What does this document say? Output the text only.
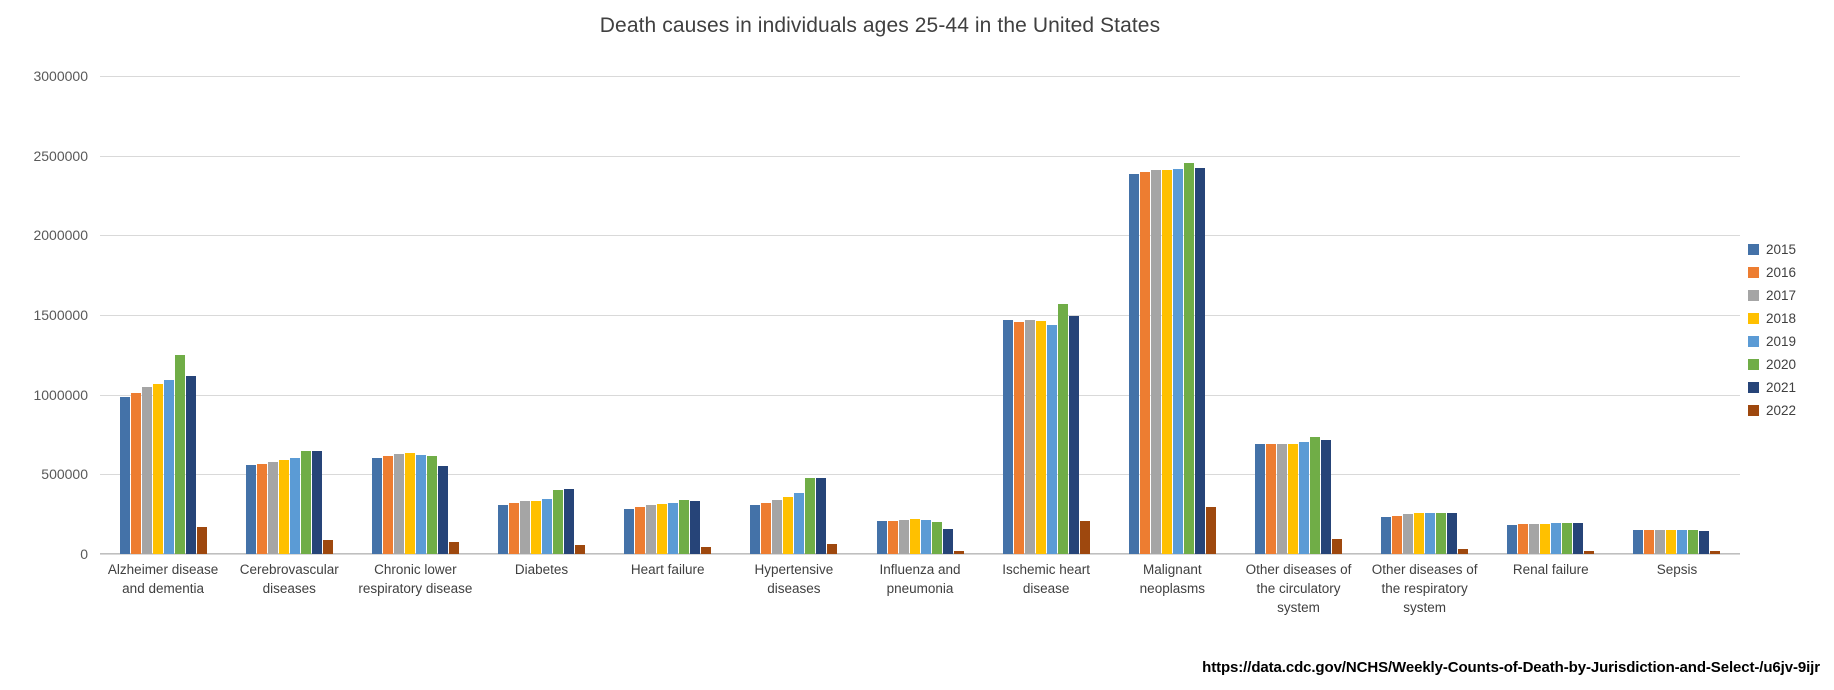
Death causes in individuals ages 25-44 in the United States
0
500000
1000000
1500000
2000000
2500000
3000000
Alzheimer disease and dementia
Cerebrovascular diseases
Chronic lower respiratory disease
Diabetes	Heart failure	Hypertensive diseases
Influenza and pneumonia
Ischemic heart disease
Malignant neoplasms
Other diseases of the circulatory system
Other diseases of the respiratory system
Renal failure	Sepsis
2015
2016
2017
2018
2019
2020
2021
2022
https://data.cdc.gov/NCHS/Weekly-Counts-of-Death-by-Jurisdiction-and-Select-/u6jv-9ijr
